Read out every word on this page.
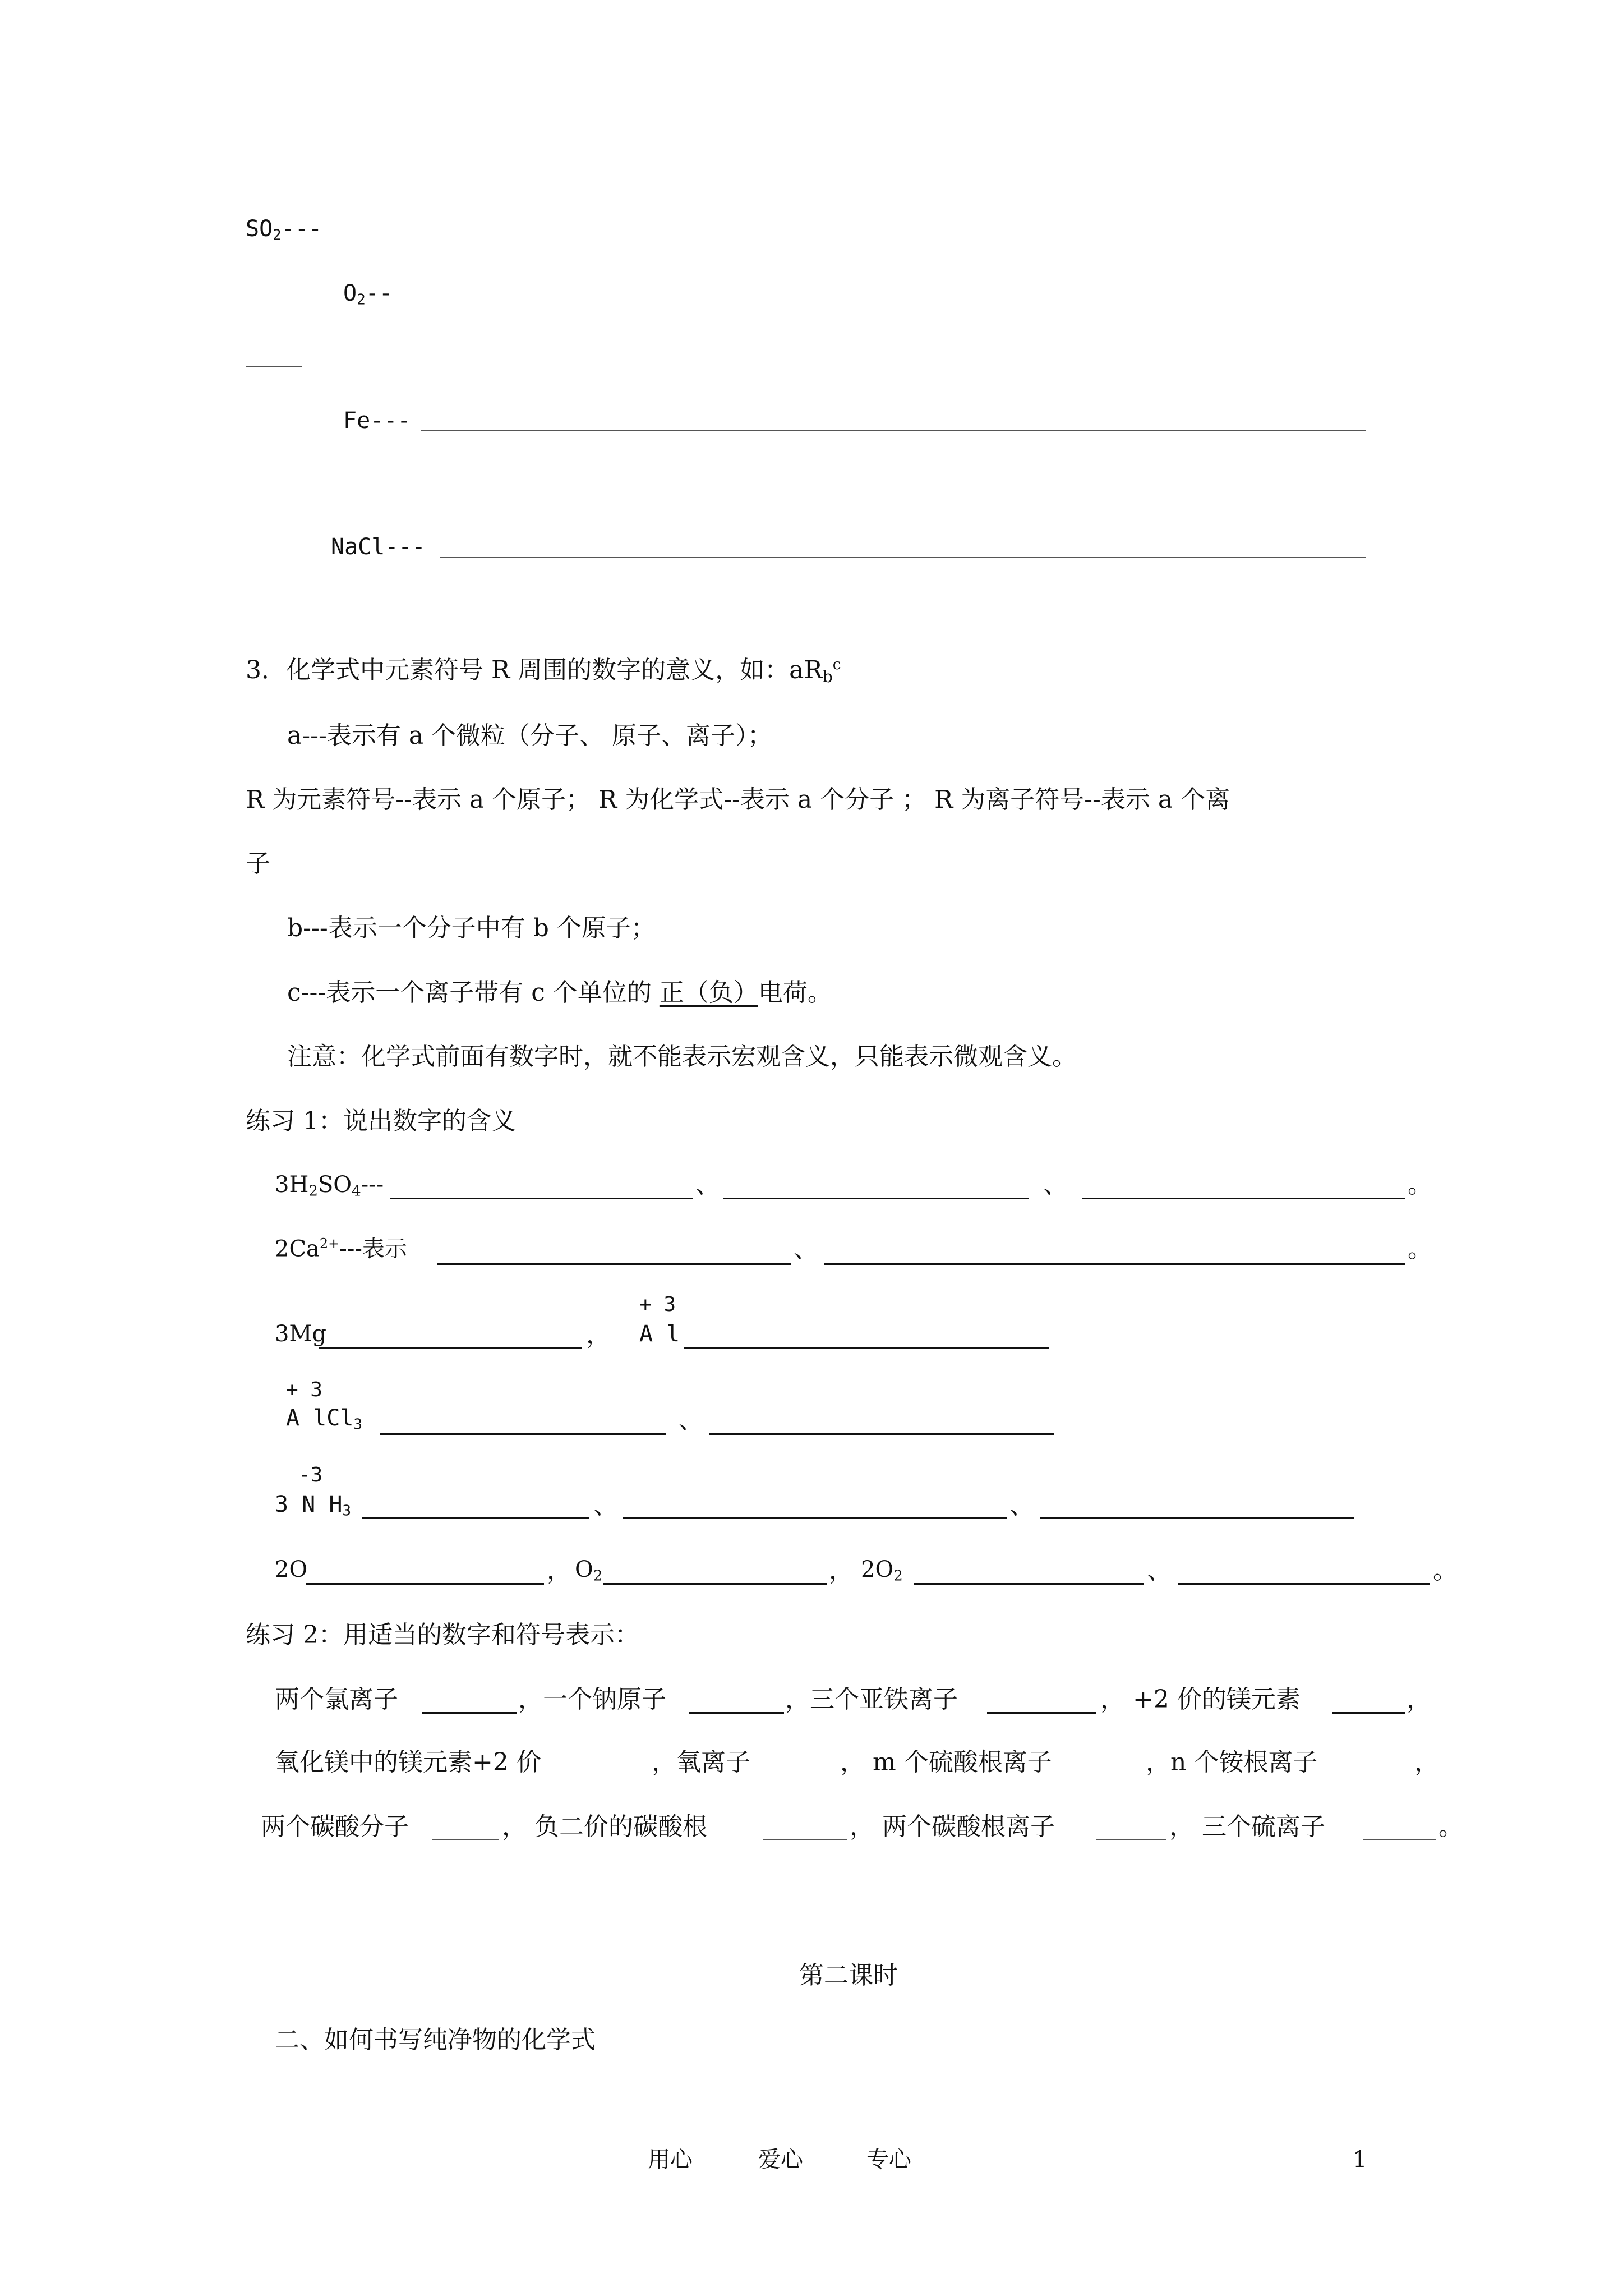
$SO_2---$
$O_2--$
Fe---
NaCl---
3．化学式中元素符号 R 周围的数字的意义，如：$aR_b^c$
a---表示有 a 个微粒（分子、 原子、离子）；
R 为元素符号--表示 a 个原子； R 为化学式--表示 a 个分子 ； R 为离子符号--表示 a 个离
子
b---表示一个分子中有 b 个原子；
c---表示一个离子带有 c 个单位的 正（负）电荷。
注意：化学式前面有数字时，就不能表示宏观含义，只能表示微观含义。
练习 1：说出数字的含义
$3H_2SO_4---$	、	、	。
$2Ca^{2+}---$表示	、	。
+ 3
3Mg	， A l
+ 3
A lCl$_3$	、
-3
3 N $H_3$	、	、
2O	， $O_2$	， $2O_2$	、	。
练习 2：用适当的数字和符号表示：
两个氯离子	，一个钠原子	，三个亚铁离子	， +2 价的镁元素	，
氧化镁中的镁元素+2 价	，氧离子	， m 个硫酸根离子	，n 个铵根离子	，
两个碳酸分子	， 负二价的碳酸根	， 两个碳酸根离子	， 三个硫离子	。
第二课时
二、如何书写纯净物的化学式
用心	爱心	专心	1
